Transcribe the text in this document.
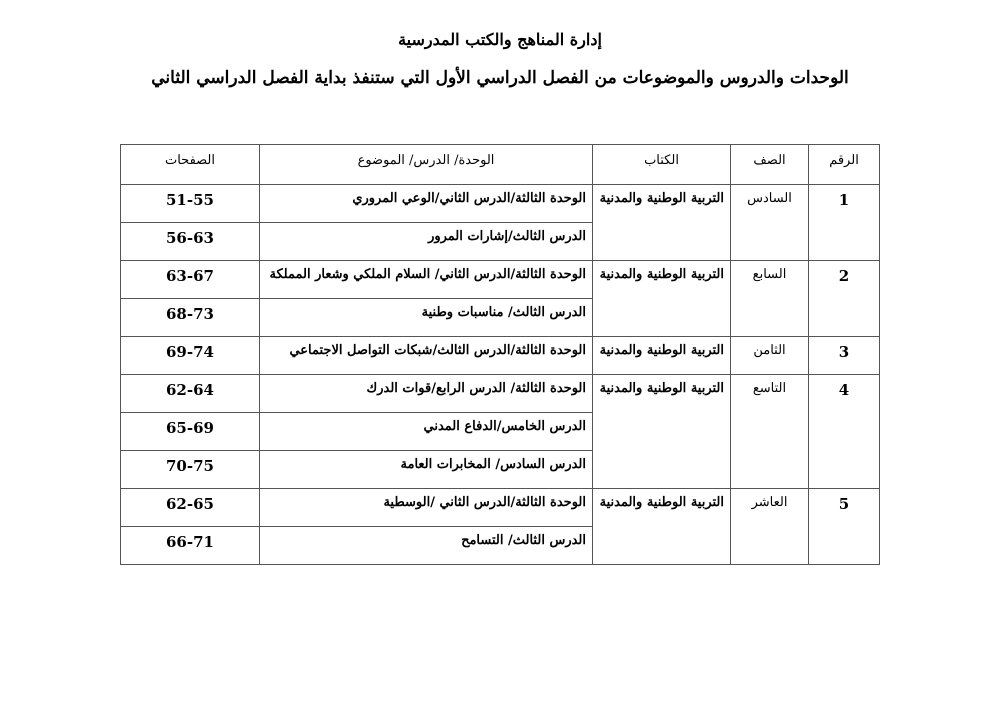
إدارة المناهج والكتب المدرسية
الوحدات والدروس والموضوعات من الفصل الدراسي الأول التي ستنفذ بداية الفصل الدراسي الثاني
الرقم	الصف	الكتاب	الوحدة/ الدرس/ الموضوع	الصفحات
1	السادس	التربية الوطنية والمدنية	الوحدة الثالثة/الدرس الثاني/الوعي المروري	51-55
			الدرس الثالث/إشارات المرور	56-63
2	السابع	التربية الوطنية والمدنية	الوحدة الثالثة/الدرس الثاني/ السلام الملكي وشعار المملكة	63-67
			الدرس الثالث/ مناسبات وطنية	68-73
3	الثامن	التربية الوطنية والمدنية	الوحدة الثالثة/الدرس الثالث/شبكات التواصل الاجتماعي	69-74
4	التاسع	التربية الوطنية والمدنية	الوحدة الثالثة/ الدرس الرابع/قوات الدرك	62-64
			الدرس الخامس/الدفاع المدني	65-69
			الدرس السادس/ المخابرات العامة	70-75
5	العاشر	التربية الوطنية والمدنية	الوحدة الثالثة/الدرس الثاني /الوسطية	62-65
			الدرس الثالث/ التسامح	66-71
